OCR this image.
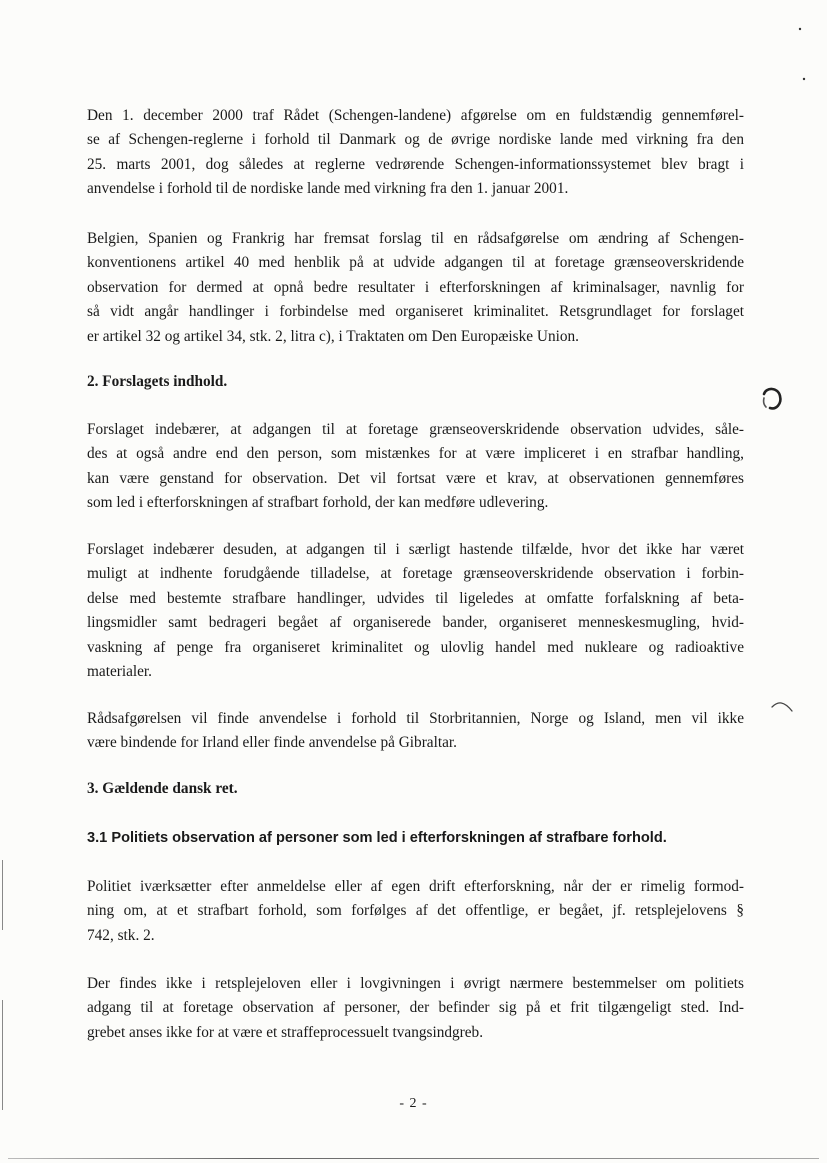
Den 1. december 2000 traf Rådet (Schengen-landene) afgørelse om en fuldstændig gennemførel-
se af Schengen-reglerne i forhold til Danmark og de øvrige nordiske lande med virkning fra den
25. marts 2001, dog således at reglerne vedrørende Schengen-informationssystemet blev bragt i
anvendelse i forhold til de nordiske lande med virkning fra den 1. januar 2001.

Belgien, Spanien og Frankrig har fremsat forslag til en rådsafgørelse om ændring af Schengen-
konventionens artikel 40 med henblik på at udvide adgangen til at foretage grænseoverskridende
observation for dermed at opnå bedre resultater i efterforskningen af kriminalsager, navnlig for
så vidt angår handlinger i forbindelse med organiseret kriminalitet. Retsgrundlaget for forslaget
er artikel 32 og artikel 34, stk. 2, litra c), i Traktaten om Den Europæiske Union.

2. Forslagets indhold.

Forslaget indebærer, at adgangen til at foretage grænseoverskridende observation udvides, såle-
des at også andre end den person, som mistænkes for at være impliceret i en strafbar handling,
kan være genstand for observation. Det vil fortsat være et krav, at observationen gennemføres
som led i efterforskningen af strafbart forhold, der kan medføre udlevering.

Forslaget indebærer desuden, at adgangen til i særligt hastende tilfælde, hvor det ikke har været
muligt at indhente forudgående tilladelse, at foretage grænseoverskridende observation i forbin-
delse med bestemte strafbare handlinger, udvides til ligeledes at omfatte forfalskning af beta-
lingsmidler samt bedrageri begået af organiserede bander, organiseret menneskesmugling, hvid-
vaskning af penge fra organiseret kriminalitet og ulovlig handel med nukleare og radioaktive
materialer.

Rådsafgørelsen vil finde anvendelse i forhold til Storbritannien, Norge og Island, men vil ikke
være bindende for Irland eller finde anvendelse på Gibraltar.

3. Gældende dansk ret.

3.1 Politiets observation af personer som led i efterforskningen af strafbare forhold.

Politiet iværksætter efter anmeldelse eller af egen drift efterforskning, når der er rimelig formod-
ning om, at et strafbart forhold, som forfølges af det offentlige, er begået, jf. retsplejelovens §
742, stk. 2.

Der findes ikke i retsplejeloven eller i lovgivningen i øvrigt nærmere bestemmelser om politiets
adgang til at foretage observation af personer, der befinder sig på et frit tilgængeligt sted. Ind-
grebet anses ikke for at være et straffeprocessuelt tvangsindgreb.

- 2 -
